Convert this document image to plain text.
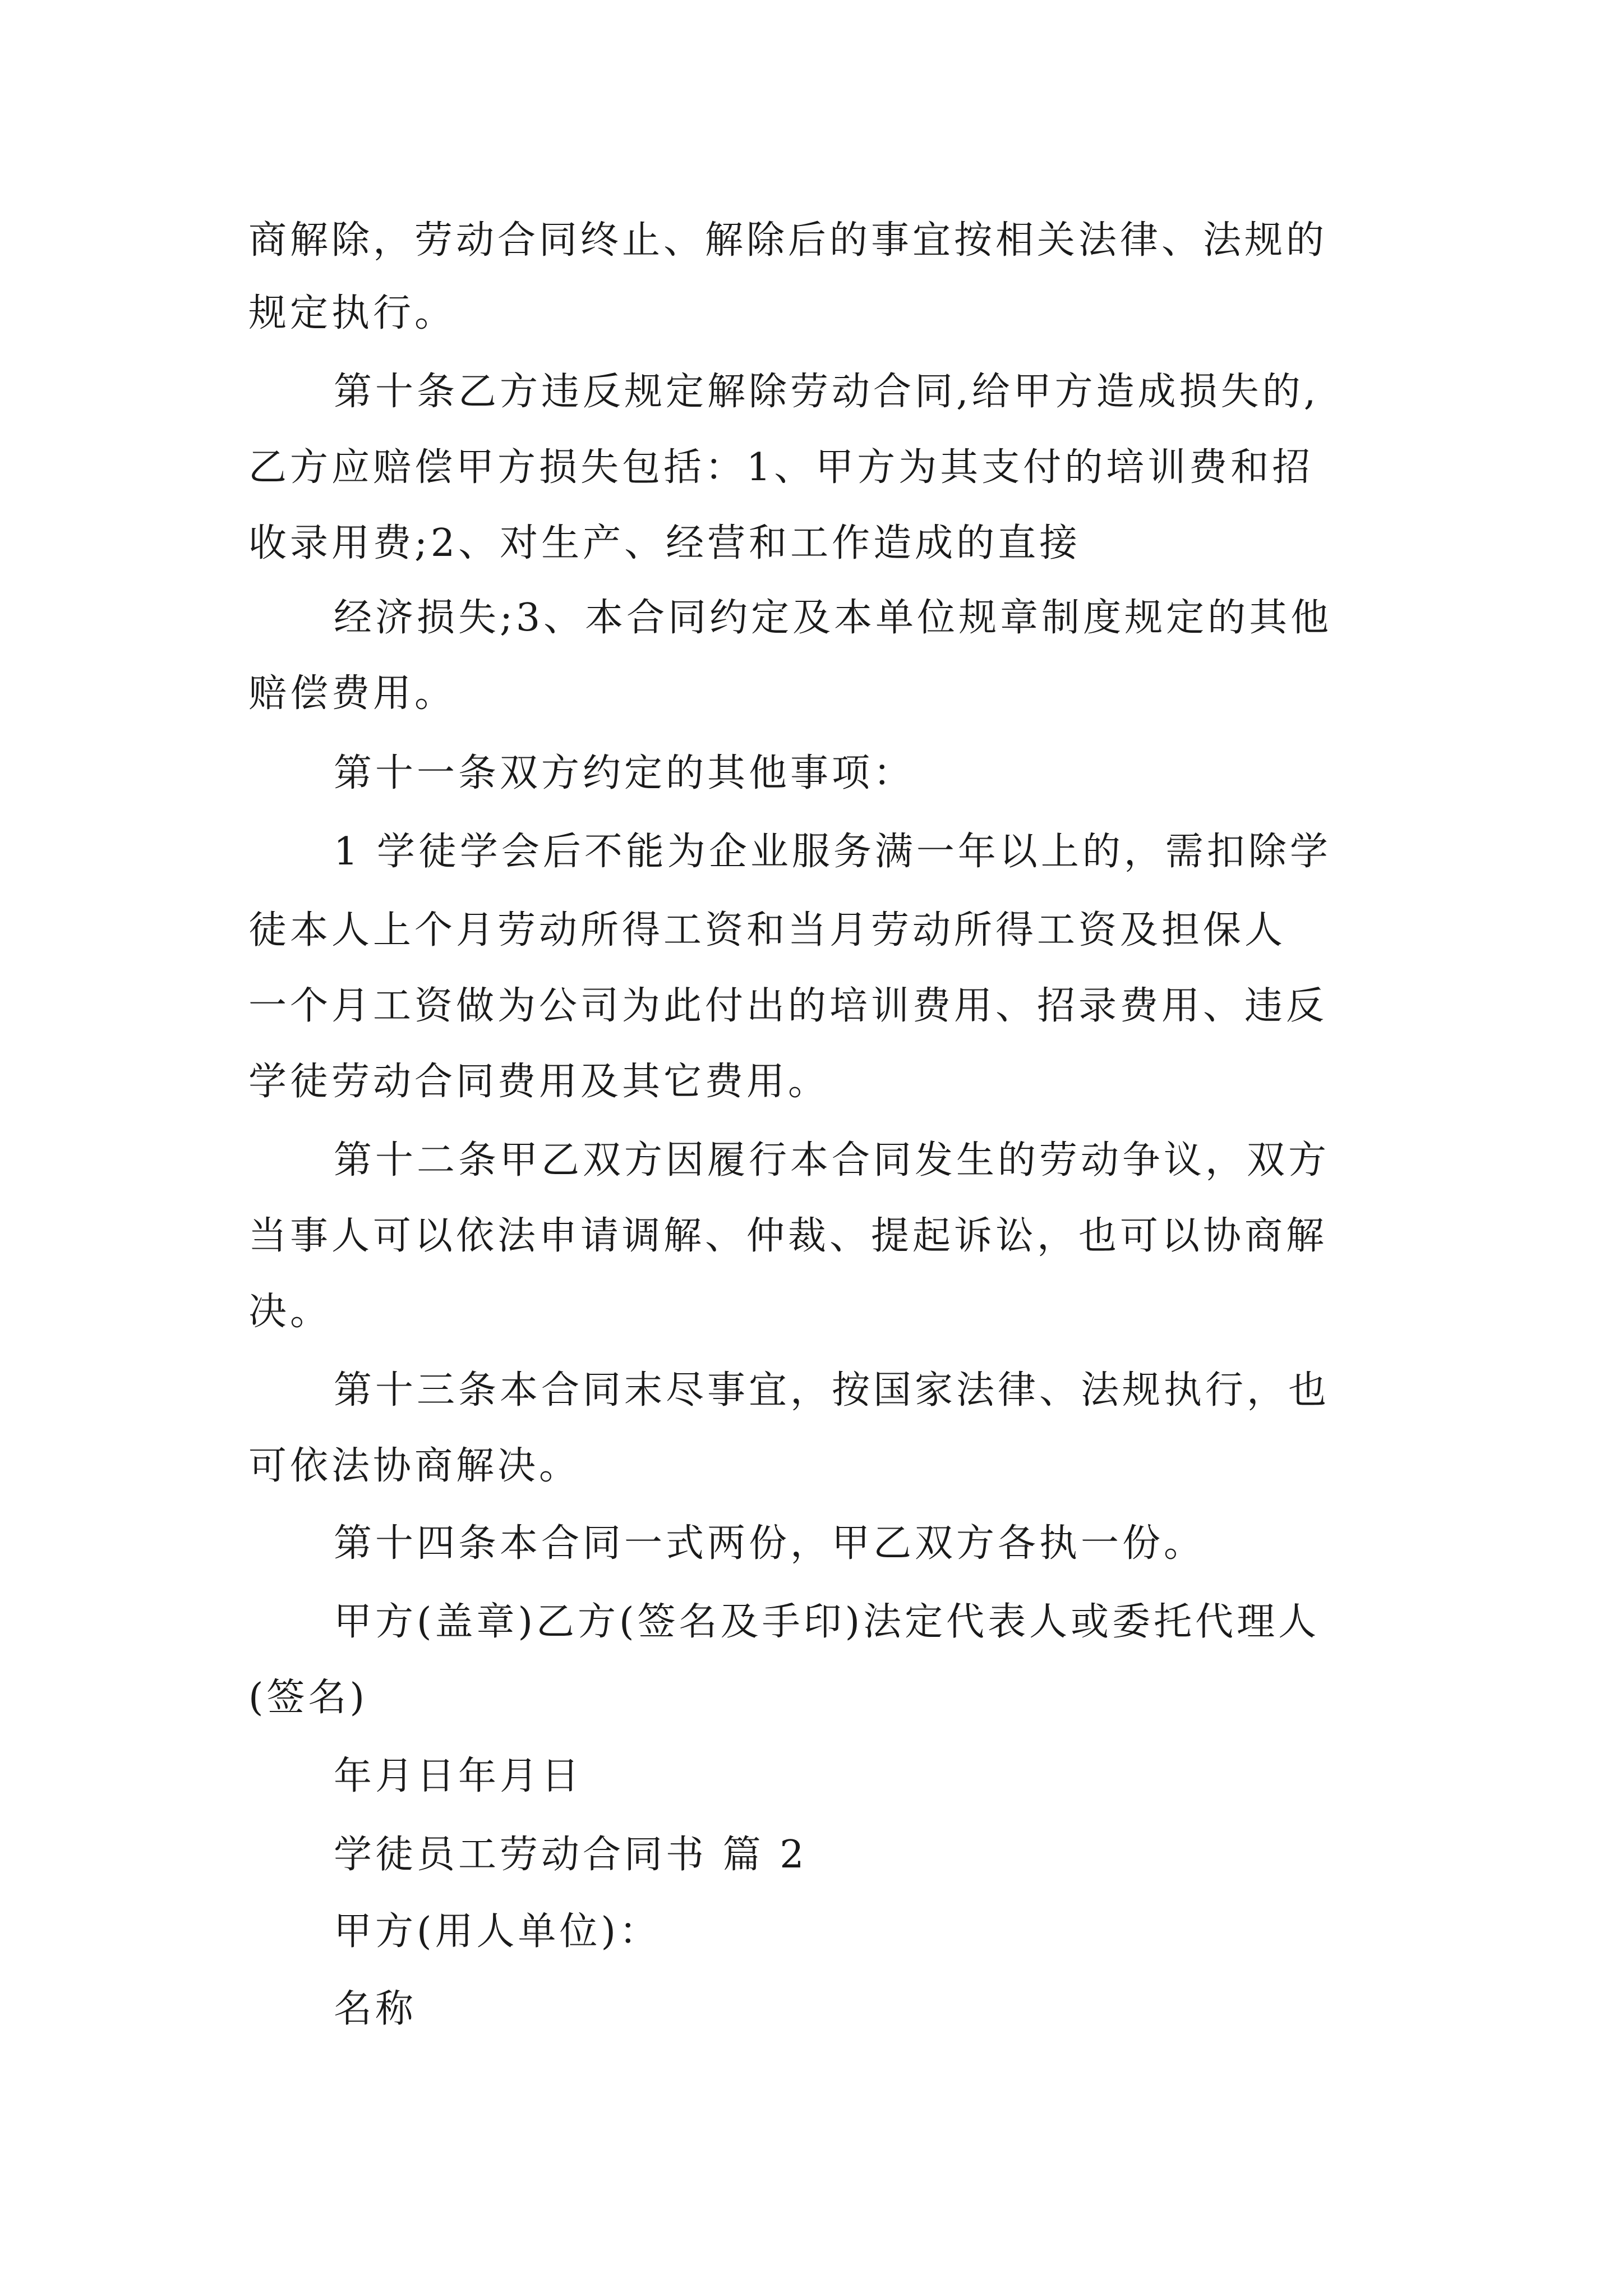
商解除，劳动合同终止、解除后的事宜按相关法律、法规的

规定执行。

第十条乙方违反规定解除劳动合同,给甲方造成损失的,

乙方应赔偿甲方损失包括：1、甲方为其支付的培训费和招

收录用费;2、对生产、经营和工作造成的直接

经济损失;3、本合同约定及本单位规章制度规定的其他

赔偿费用。

第十一条双方约定的其他事项：

1 学徒学会后不能为企业服务满一年以上的，需扣除学

徒本人上个月劳动所得工资和当月劳动所得工资及担保人

一个月工资做为公司为此付出的培训费用、招录费用、违反

学徒劳动合同费用及其它费用。

第十二条甲乙双方因履行本合同发生的劳动争议，双方

当事人可以依法申请调解、仲裁、提起诉讼，也可以协商解

决。

第十三条本合同末尽事宜，按国家法律、法规执行，也

可依法协商解决。

第十四条本合同一式两份，甲乙双方各执一份。

甲方(盖章)乙方(签名及手印)法定代表人或委托代理人

(签名)

年月日年月日

学徒员工劳动合同书 篇 2

甲方(用人单位)：

名称
